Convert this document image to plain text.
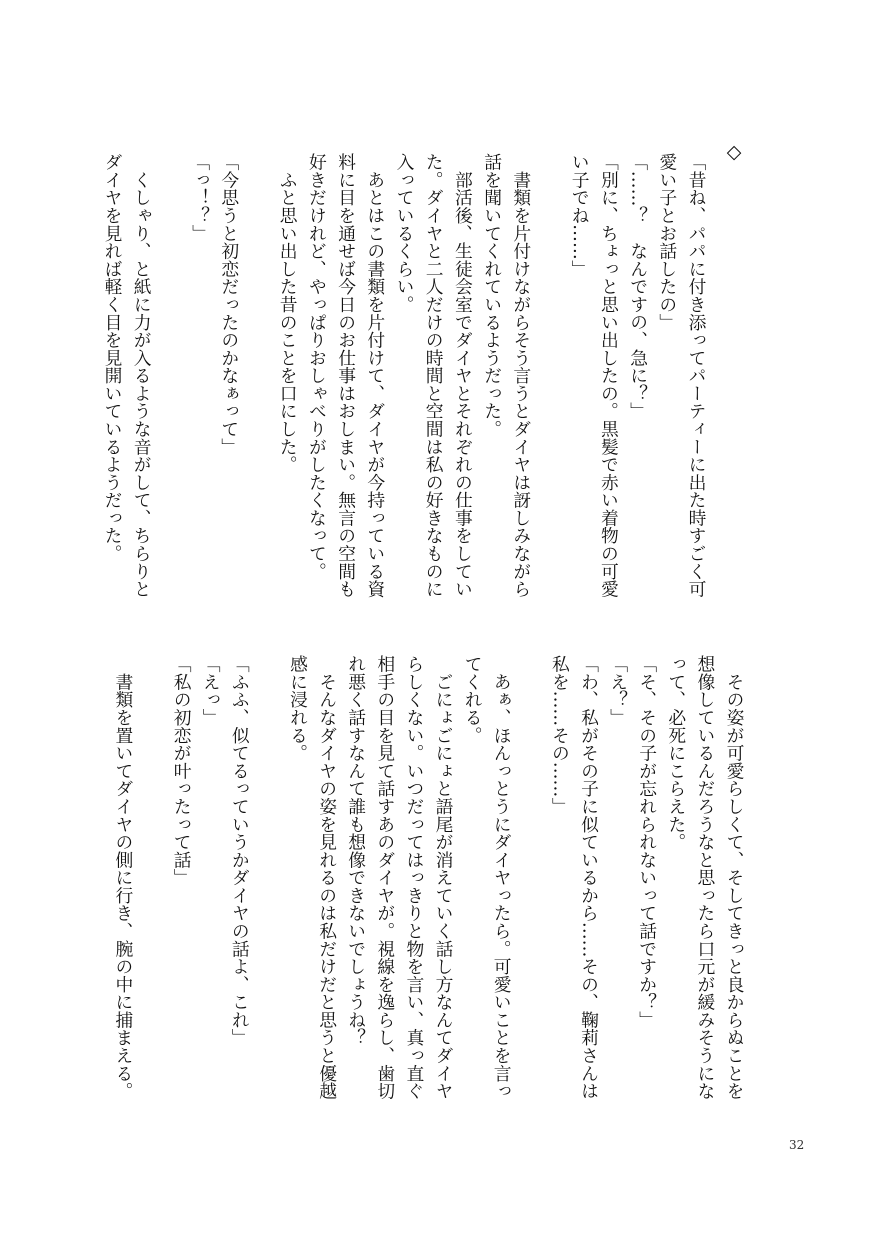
◇
「昔ね、パパに付き添ってパーティーに出た時すごく可
愛い子とお話したの」
「……？　なんですの、急に？」
「別に、ちょっと思い出したの。黒髪で赤い着物の可愛
い子でね……」
　書類を片付けながらそう言うとダイヤは訝しみながら
話を聞いてくれているようだった。
　部活後、生徒会室でダイヤとそれぞれの仕事をしてい
た。ダイヤと二人だけの時間と空間は私の好きなものに
入っているくらい。
　あとはこの書類を片付けて、ダイヤが今持っている資
料に目を通せば今日のお仕事はおしまい。無言の空間も
好きだけれど、やっぱりおしゃべりがしたくなって。
　ふと思い出した昔のことを口にした。
「今思うと初恋だったのかなぁって」
「っ！？」
　くしゃり、と紙に力が入るような音がして、ちらりと
ダイヤを見れば軽く目を見開いているようだった。
　その姿が可愛らしくて、そしてきっと良からぬことを
想像しているんだろうなと思ったら口元が緩みそうにな
って、必死にこらえた。
「そ、その子が忘れられないって話ですか？」
「え？」
「わ、私がその子に似ているから……その、鞠莉さんは
私を……その……」
　あぁ、ほんっとうにダイヤったら。可愛いことを言っ
てくれる。
　ごにょごにょと語尾が消えていく話し方なんてダイヤ
らしくない。いつだってはっきりと物を言い、真っ直ぐ
相手の目を見て話すあのダイヤが。視線を逸らし、歯切
れ悪く話すなんて誰も想像できないでしょうね？
　そんなダイヤの姿を見れるのは私だけだと思うと優越
感に浸れる。
「ふふ、似てるっていうかダイヤの話よ、これ」
「えっ」
「私の初恋が叶ったって話」
　書類を置いてダイヤの側に行き、腕の中に捕まえる。
32
